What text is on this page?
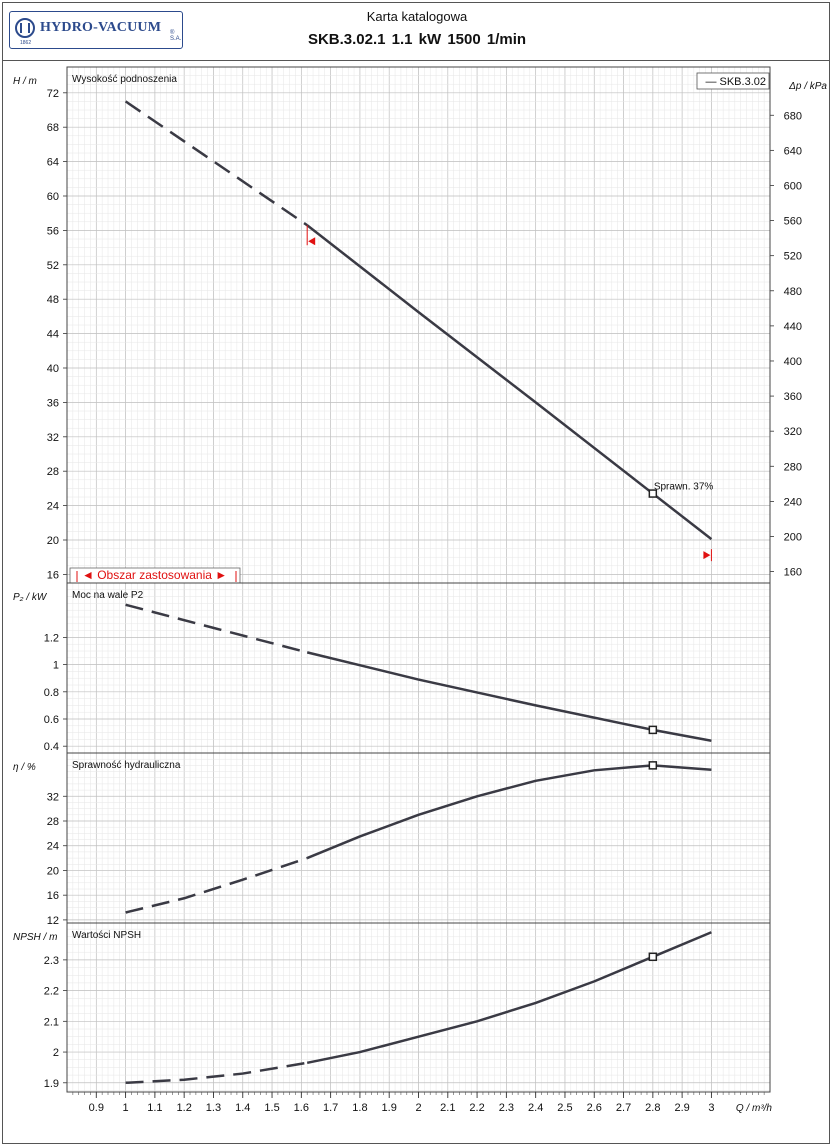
HYDRO-VACUUM ® S.A.
1862
Karta katalogowa
SKB.3.02.1 1.1 kW 1500 1/min
16
20
24
28
32
36
40
44
48
52
56
60
64
68
72
160
200
240
280
320
360
400
440
480
520
560
600
640
680
Δp / kPa
H / m	Wysokość podnoszenia	— SKB.3.02
Sprawn. 37%
◄ Obszar zastosowania ►
0.4
0.6
0.8
1
1.2
P₂ / kW	Moc na wale P2
12
16
20
24
28
32
η / %	Sprawność hydrauliczna
1.9
2
2.1
2.2
2.3
NPSH / m Wartości NPSH
0.9 1 1.1 1.2 1.3 1.4 1.5 1.6 1.7 1.8 1.9 2 2.1 2.2 2.3 2.4 2.5 2.6 2.7 2.8 2.9 3 Q / m³/h
